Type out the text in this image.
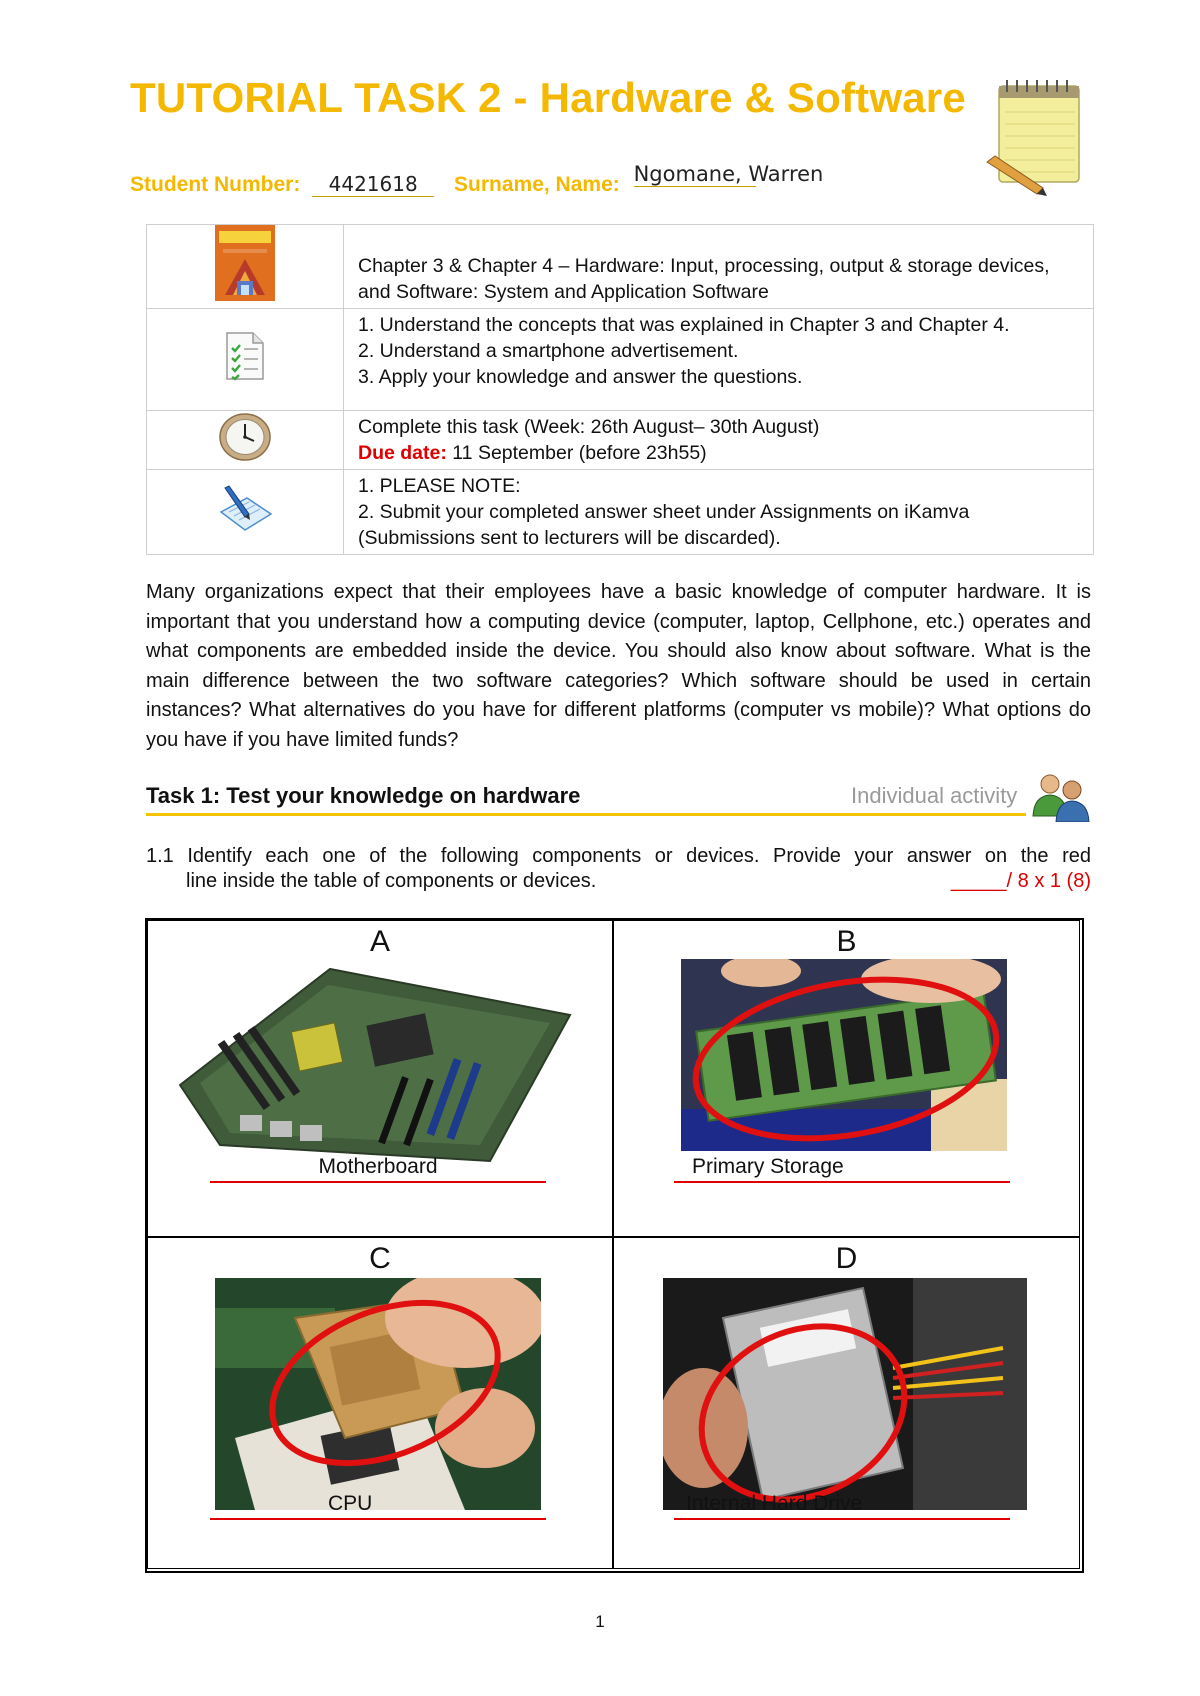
TUTORIAL TASK 2 - Hardware & Software
Student Number: 4421618 Surname, Name: Ngomane, Warren
	Chapter 3 & Chapter 4 – Hardware: Input, processing, output & storage devices, and Software: System and Application Software

1. Understand the concepts that was explained in Chapter 3 and Chapter 4.
2. Understand a smartphone advertisement.
3. Apply your knowledge and answer the questions.

Complete this task (Week: 26th August– 30th August)
Due date: 11 September (before 23h55)

1. PLEASE NOTE:
2. Submit your completed answer sheet under Assignments on iKamva (Submissions sent to lecturers will be discarded).
Many organizations expect that their employees have a basic knowledge of computer hardware. It is important that you understand how a computing device (computer, laptop, Cellphone, etc.) operates and what components are embedded inside the device. You should also know about software. What is the main difference between the two software categories? Which software should be used in certain instances? What alternatives do you have for different platforms (computer vs mobile)? What options do you have if you have limited funds?
Task 1: Test your knowledge on hardware	Individual activity
1.1 Identify each one of the following components or devices. Provide your answer on the red
line inside the table of components or devices.	_____/ 8 x 1 (8)
A
Motherboard
B
Primary Storage
C
CPU
D
Internal Hard Drive
1
